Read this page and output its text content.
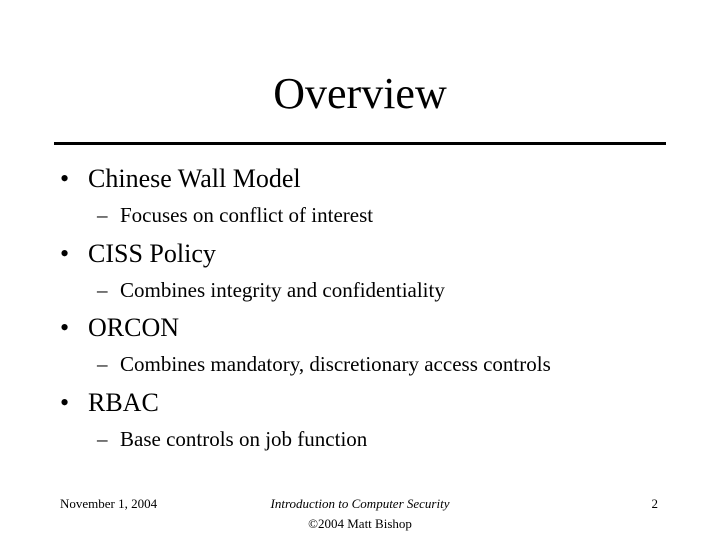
Overview
• Chinese Wall Model
– Focuses on conflict of interest
• CISS Policy
– Combines integrity and confidentiality
• ORCON
– Combines mandatory, discretionary access controls
• RBAC
– Base controls on job function
November 1, 2004	Introduction to Computer Security
©2004 Matt Bishop
2
